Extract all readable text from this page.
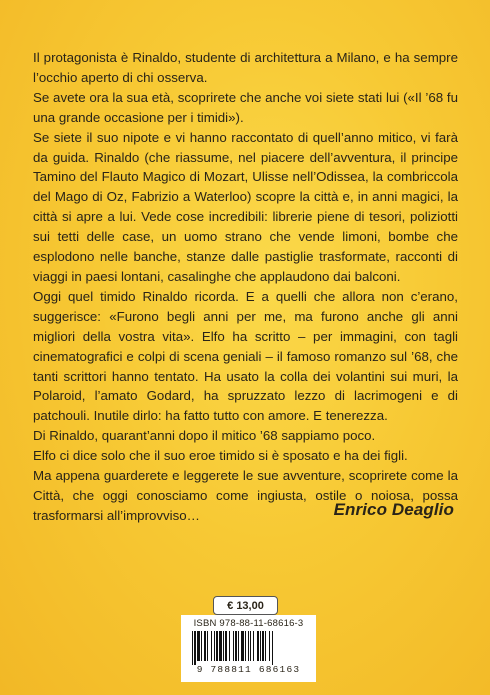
Il protagonista è Rinaldo, studente di architettura a Milano, e ha sempre l’occhio aperto di chi osserva.

Se avete ora la sua età, scoprirete che anche voi siete stati lui («Il ’68 fu una grande occasione per i timidi»).

Se siete il suo nipote e vi hanno raccontato di quell’anno mitico, vi farà da guida. Rinaldo (che riassume, nel piacere dell’avventura, il principe Tamino del Flauto Magico di Mozart, Ulisse nell’Odissea, la combriccola del Mago di Oz, Fabrizio a Waterloo) scopre la città e, in anni magici, la città si apre a lui. Vede cose incredibili: librerie piene di tesori, poliziotti sui tetti delle case, un uomo strano che vende limoni, bombe che esplodono nelle banche, stanze dalle pastiglie trasformate, racconti di viaggi in paesi lontani, casalinghe che applaudono dai balconi.

Oggi quel timido Rinaldo ricorda. E a quelli che allora non c’erano, suggerisce: «Furono begli anni per me, ma furono anche gli anni migliori della vostra vita». Elfo ha scritto – per immagini, con tagli cinematografici e colpi di scena geniali – il famoso romanzo sul ’68, che tanti scrittori hanno tentato. Ha usato la colla dei volantini sui muri, la Polaroid, l’amato Godard, ha spruzzato lezzo di lacrimogeni e di patchouli. Inutile dirlo: ha fatto tutto con amore. E tenerezza.

Di Rinaldo, quarant’anni dopo il mitico ’68 sappiamo poco.

Elfo ci dice solo che il suo eroe timido si è sposato e ha dei figli.

Ma appena guarderete e leggerete le sue avventure, scoprirete come la Città, che oggi conosciamo come ingiusta, ostile o noiosa, possa trasformarsi all’improvviso…	Enrico Deaglio
€ 13,00
ISBN 978-88-11-68616-3
9 788811 686163
